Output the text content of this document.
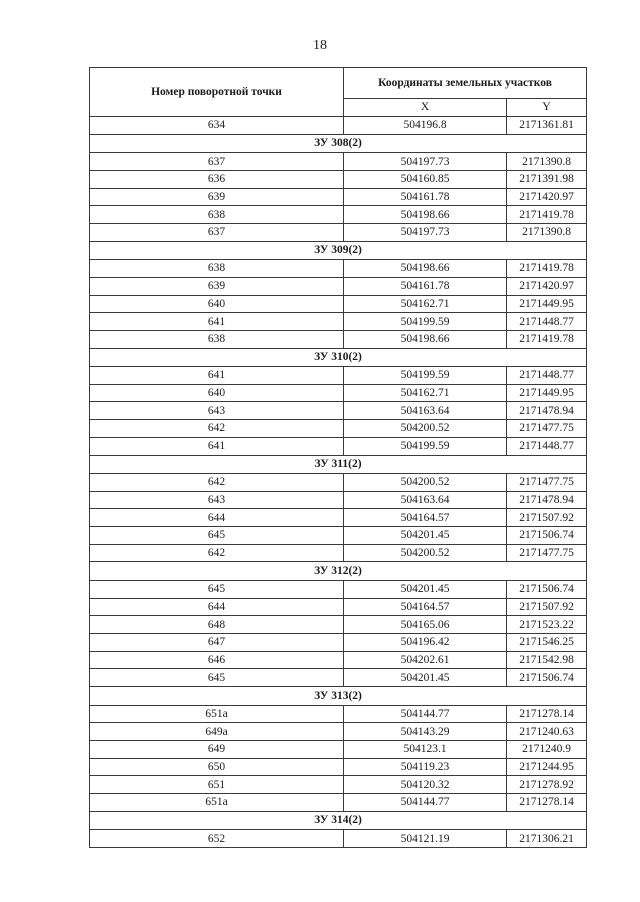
18
Номер поворотной точки	Координаты земельных участков	
	X	Y
634	504196.8	2171361.81
ЗУ 308(2)		
637	504197.73	2171390.8
636	504160.85	2171391.98
639	504161.78	2171420.97
638	504198.66	2171419.78
637	504197.73	2171390.8
ЗУ 309(2)		
638	504198.66	2171419.78
639	504161.78	2171420.97
640	504162.71	2171449.95
641	504199.59	2171448.77
638	504198.66	2171419.78
ЗУ 310(2)		
641	504199.59	2171448.77
640	504162.71	2171449.95
643	504163.64	2171478.94
642	504200.52	2171477.75
641	504199.59	2171448.77
ЗУ 311(2)		
642	504200.52	2171477.75
643	504163.64	2171478.94
644	504164.57	2171507.92
645	504201.45	2171506.74
642	504200.52	2171477.75
ЗУ 312(2)		
645	504201.45	2171506.74
644	504164.57	2171507.92
648	504165.06	2171523.22
647	504196.42	2171546.25
646	504202.61	2171542.98
645	504201.45	2171506.74
ЗУ 313(2)		
651а	504144.77	2171278.14
649а	504143.29	2171240.63
649	504123.1	2171240.9
650	504119.23	2171244.95
651	504120.32	2171278.92
651а	504144.77	2171278.14
ЗУ 314(2)		
652	504121.19	2171306.21
